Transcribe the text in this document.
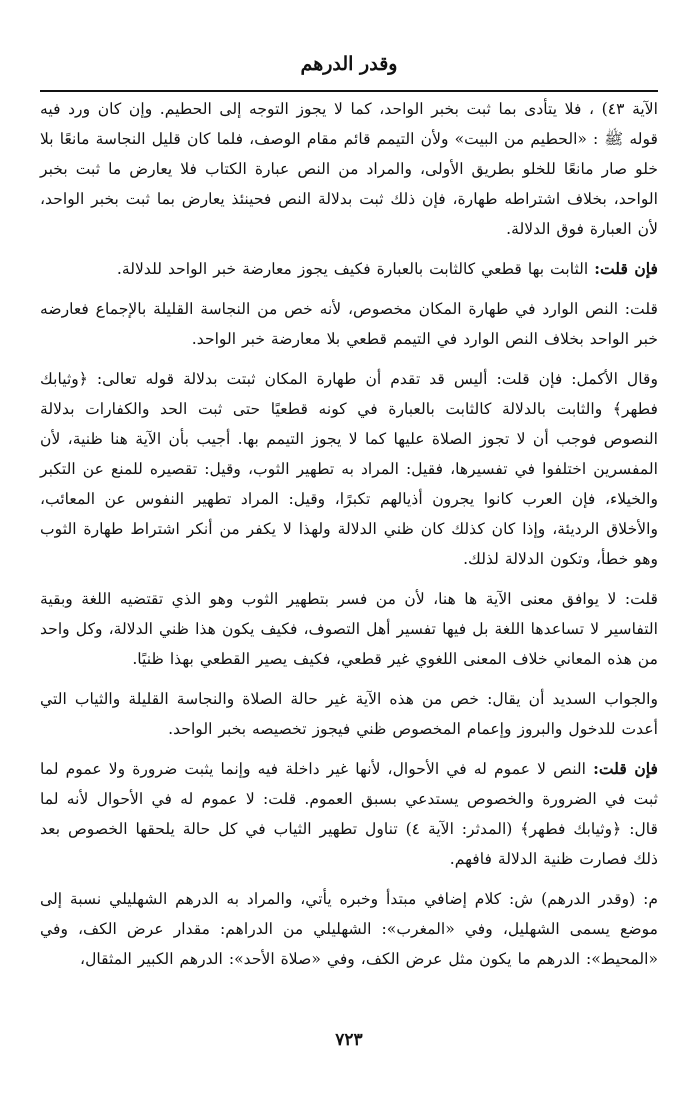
وقدر الدرهم

الآية ٤٣) ، فلا يتأدى بما ثبت بخبر الواحد، كما لا يجوز التوجه إلى الحطيم. وإن كان ورد فيه قوله ﷺ : «الحطيم من البيت» ولأن التيمم قائم مقام الوصف، فلما كان قليل النجاسة مانعًا بلا خلو صار مانعًا للخلو بطريق الأولى، والمراد من النص عبارة الكتاب فلا يعارض ما ثبت بخبر الواحد، بخلاف اشتراطه طهارة، فإن ذلك ثبت بدلالة النص فحينئذ يعارض بما ثبت بخبر الواحد، لأن العبارة فوق الدلالة.

فإن قلت: الثابت بها قطعي كالثابت بالعبارة فكيف يجوز معارضة خبر الواحد للدلالة.

قلت: النص الوارد في طهارة المكان مخصوص، لأنه خص من النجاسة القليلة بالإجماع فعارضه خبر الواحد بخلاف النص الوارد في التيمم قطعي بلا معارضة خبر الواحد.

وقال الأكمل: فإن قلت: أليس قد تقدم أن طهارة المكان ثبتت بدلالة قوله تعالى: ﴿وثيابك فطهر﴾ والثابت بالدلالة كالثابت بالعبارة في كونه قطعيًا حتى ثبت الحد والكفارات بدلالة النصوص فوجب أن لا تجوز الصلاة عليها كما لا يجوز التيمم بها. أجيب بأن الآية هنا ظنية، لأن المفسرين اختلفوا في تفسيرها، فقيل: المراد به تطهير الثوب، وقيل: تقصيره للمنع عن التكبر والخيلاء، فإن العرب كانوا يجرون أذيالهم تكبرًا، وقيل: المراد تطهير النفوس عن المعائب، والأخلاق الرديئة، وإذا كان كذلك كان ظني الدلالة ولهذا لا يكفر من أنكر اشتراط طهارة الثوب وهو خطأ، وتكون الدلالة لذلك.

قلت: لا يوافق معنى الآية ها هنا، لأن من فسر بتطهير الثوب وهو الذي تقتضيه اللغة وبقية التفاسير لا تساعدها اللغة بل فيها تفسير أهل التصوف، فكيف يكون هذا ظني الدلالة، وكل واحد من هذه المعاني خلاف المعنى اللغوي غير قطعي، فكيف يصير القطعي بهذا ظنيًا.

والجواب السديد أن يقال: خص من هذه الآية غير حالة الصلاة والنجاسة القليلة والثياب التي أعدت للدخول والبروز وإعمام المخصوص ظني فيجوز تخصيصه بخبر الواحد.

فإن قلت: النص لا عموم له في الأحوال، لأنها غير داخلة فيه وإنما يثبت ضرورة ولا عموم لما ثبت في الضرورة والخصوص يستدعي بسبق العموم. قلت: لا عموم له في الأحوال لأنه لما قال: ﴿وثيابك فطهر﴾ (المدثر: الآية ٤) تناول تطهير الثياب في كل حالة يلحقها الخصوص بعد ذلك فصارت ظنية الدلالة فافهم.

م: (وقدر الدرهم) ش: كلام إضافي مبتدأ وخبره يأتي، والمراد به الدرهم الشهليلي نسبة إلى موضع يسمى الشهليل، وفي «المغرب»: الشهليلي من الدراهم: مقدار عرض الكف، وفي «المحيط»: الدرهم ما يكون مثل عرض الكف، وفي «صلاة الأحد»: الدرهم الكبير المثقال،

٧٢٣
